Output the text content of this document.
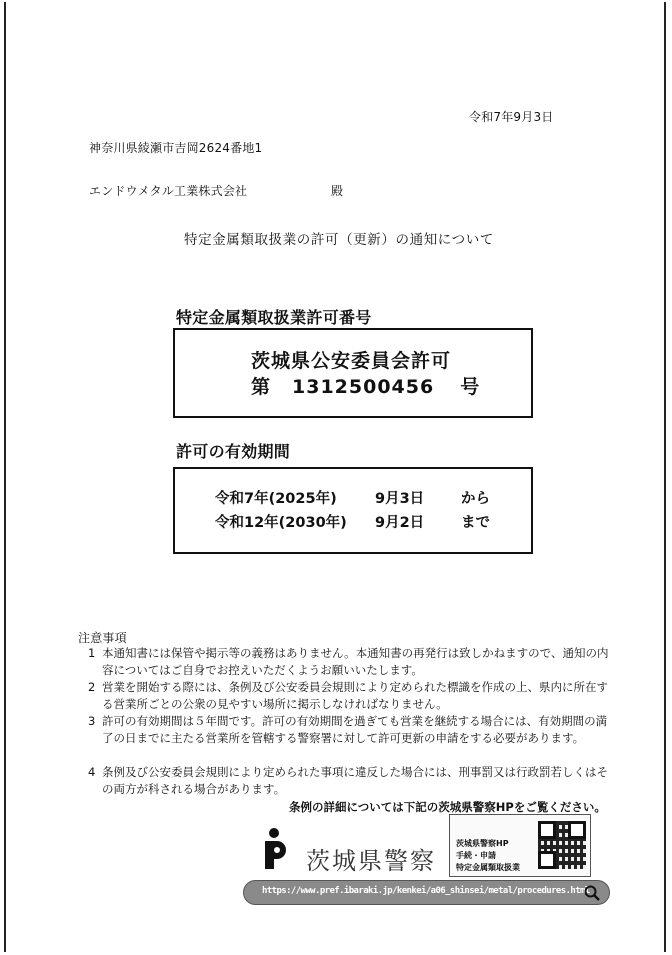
令和7年9月3日
神奈川県綾瀬市吉岡2624番地1
エンドウメタル工業株式会社	殿
特定金属類取扱業の許可（更新）の通知について
特定金属類取扱業許可番号
茨城県公安委員会許可
第 1312500456 号
許可の有効期間
令和7年(2025年)	9月3日	から
令和12年(2030年) 9月2日	まで
注意事項
1 本通知書には保管や掲示等の義務はありません。本通知書の再発行は致しかねますので、通知の内容についてはご自身でお控えいただくようお願いいたします。
2 営業を開始する際には、条例及び公安委員会規則により定められた標識を作成の上、県内に所在する営業所ごとの公衆の見やすい場所に掲示しなければなりません。
3 許可の有効期間は５年間です。許可の有効期間を過ぎても営業を継続する場合には、有効期間の満了の日までに主たる営業所を管轄する警察署に対して許可更新の申請をする必要があります。
4 条例及び公安委員会規則により定められた事項に違反した場合には、刑事罰又は行政罰若しくはその両方が科される場合があります。
条例の詳細については下記の茨城県警察HPをご覧ください。
茨城県警察
茨城県警察HP
手続・申請
特定金属類取扱業
https://www.pref.ibaraki.jp/kenkei/a06_shinsei/metal/procedures.html
